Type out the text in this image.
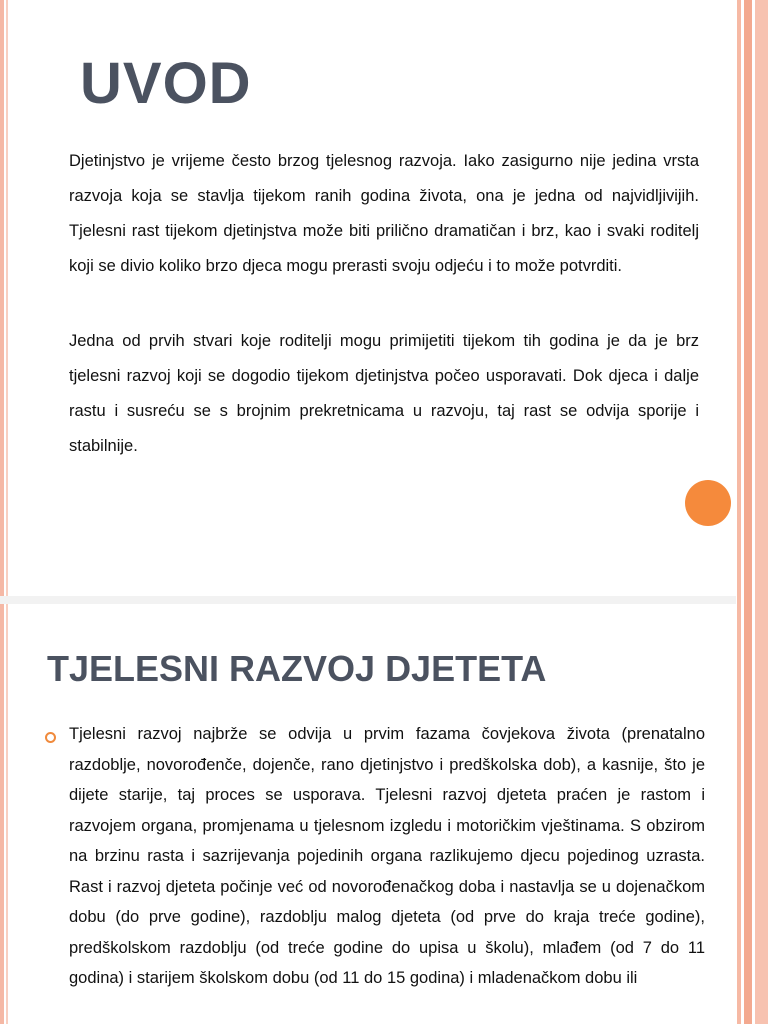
UVOD

Djetinjstvo je vrijeme često brzog tjelesnog razvoja. Iako zasigurno nije jedina vrsta razvoja koja se stavlja tijekom ranih godina života, ona je jedna od najvidljivijih. Tjelesni rast tijekom djetinjstva može biti prilično dramatičan i brz, kao i svaki roditelj koji se divio koliko brzo djeca mogu prerasti svoju odjeću i to može potvrditi.

Jedna od prvih stvari koje roditelji mogu primijetiti tijekom tih godina je da je brz tjelesni razvoj koji se dogodio tijekom djetinjstva počeo usporavati. Dok djeca i dalje rastu i susreću se s brojnim prekretnicama u razvoju, taj rast se odvija sporije i stabilnije.

TJELESNI RAZVOJ DJETETA

Tjelesni razvoj najbrže se odvija u prvim fazama čovjekova života (prenatalno razdoblje, novorođenče, dojenče, rano djetinjstvo i predškolska dob), a kasnije, što je dijete starije, taj proces se usporava. Tjelesni razvoj djeteta praćen je rastom i razvojem organa, promjenama u tjelesnom izgledu i motoričkim vještinama. S obzirom na brzinu rasta i sazrijevanja pojedinih organa razlikujemo djecu pojedinog uzrasta. Rast i razvoj djeteta počinje već od novorođenačkog doba i nastavlja se u dojenačkom dobu (do prve godine), razdoblju malog djeteta (od prve do kraja treće godine), predškolskom razdoblju (od treće godine do upisa u školu), mlađem (od 7 do 11 godina) i starijem školskom dobu (od 11 do 15 godina) i mladenačkom dobu ili
